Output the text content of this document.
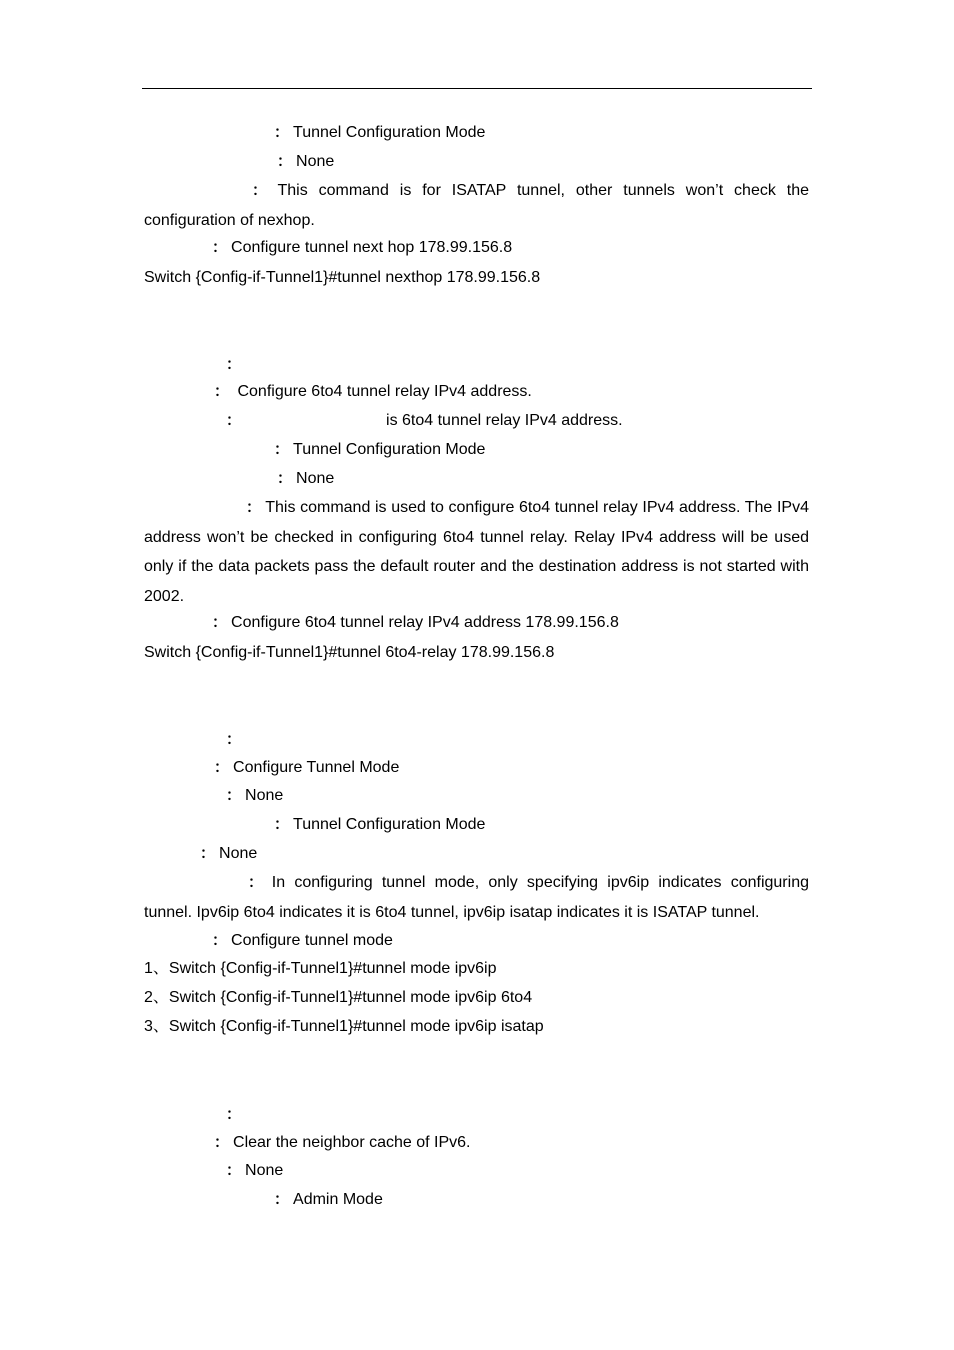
： Tunnel Configuration Mode
： None
： This command is for ISATAP tunnel, other tunnels won’t check the configuration of nexhop.
： Configure tunnel next hop 178.99.156.8
Switch {Config-if-Tunnel1}#tunnel nexthop 178.99.156.8
：
： Configure 6to4 tunnel relay IPv4 address.
：	is 6to4 tunnel relay IPv4 address.
： Tunnel Configuration Mode
： None
： This command is used to configure 6to4 tunnel relay IPv4 address. The IPv4 address won’t be checked in configuring 6to4 tunnel relay. Relay IPv4 address will be used only if the data packets pass the default router and the destination address is not started with 2002.
： Configure 6to4 tunnel relay IPv4 address 178.99.156.8
Switch {Config-if-Tunnel1}#tunnel 6to4-relay 178.99.156.8
：
： Configure Tunnel Mode
： None
： Tunnel Configuration Mode
： None
： In configuring tunnel mode, only specifying ipv6ip indicates configuring tunnel. Ipv6ip 6to4 indicates it is 6to4 tunnel, ipv6ip isatap indicates it is ISATAP tunnel.
： Configure tunnel mode
1、Switch {Config-if-Tunnel1}#tunnel mode ipv6ip
2、Switch {Config-if-Tunnel1}#tunnel mode ipv6ip 6to4
3、Switch {Config-if-Tunnel1}#tunnel mode ipv6ip isatap
：
： Clear the neighbor cache of IPv6.
： None
： Admin Mode
